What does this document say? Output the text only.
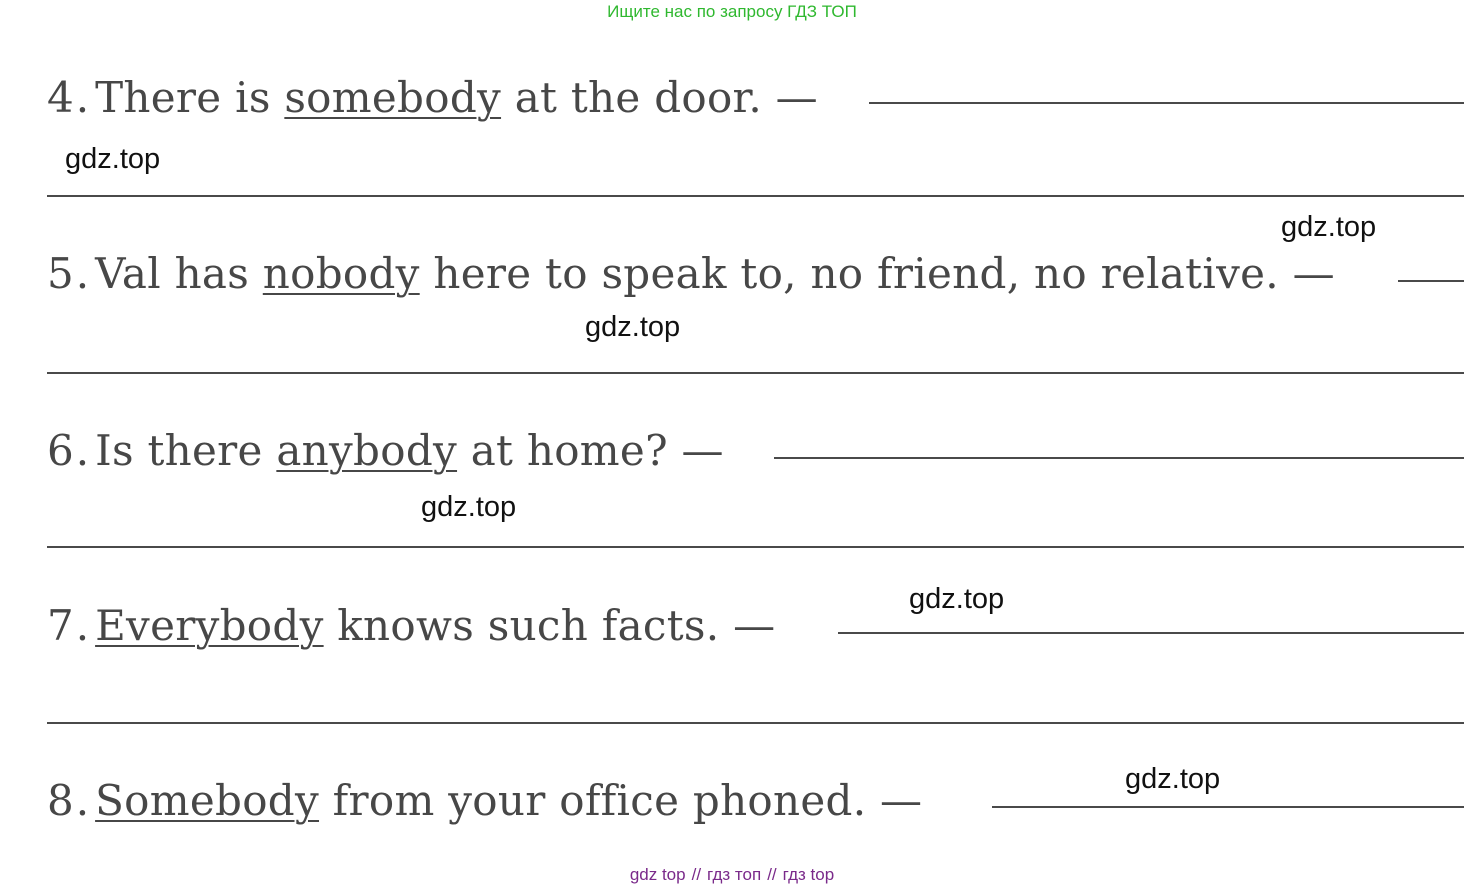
Ищите нас по запросу ГДЗ ТОП
4.There is somebody at the door. —
5.Val has nobody here to speak to, no friend, no relative. —
6.Is there anybody at home? —
7.Everybody knows such facts. —
8.Somebody from your office phoned. —
gdz.top
gdz.top
gdz.top
gdz.top
gdz.top
gdz.top
gdz top // гдз топ // гдз top
